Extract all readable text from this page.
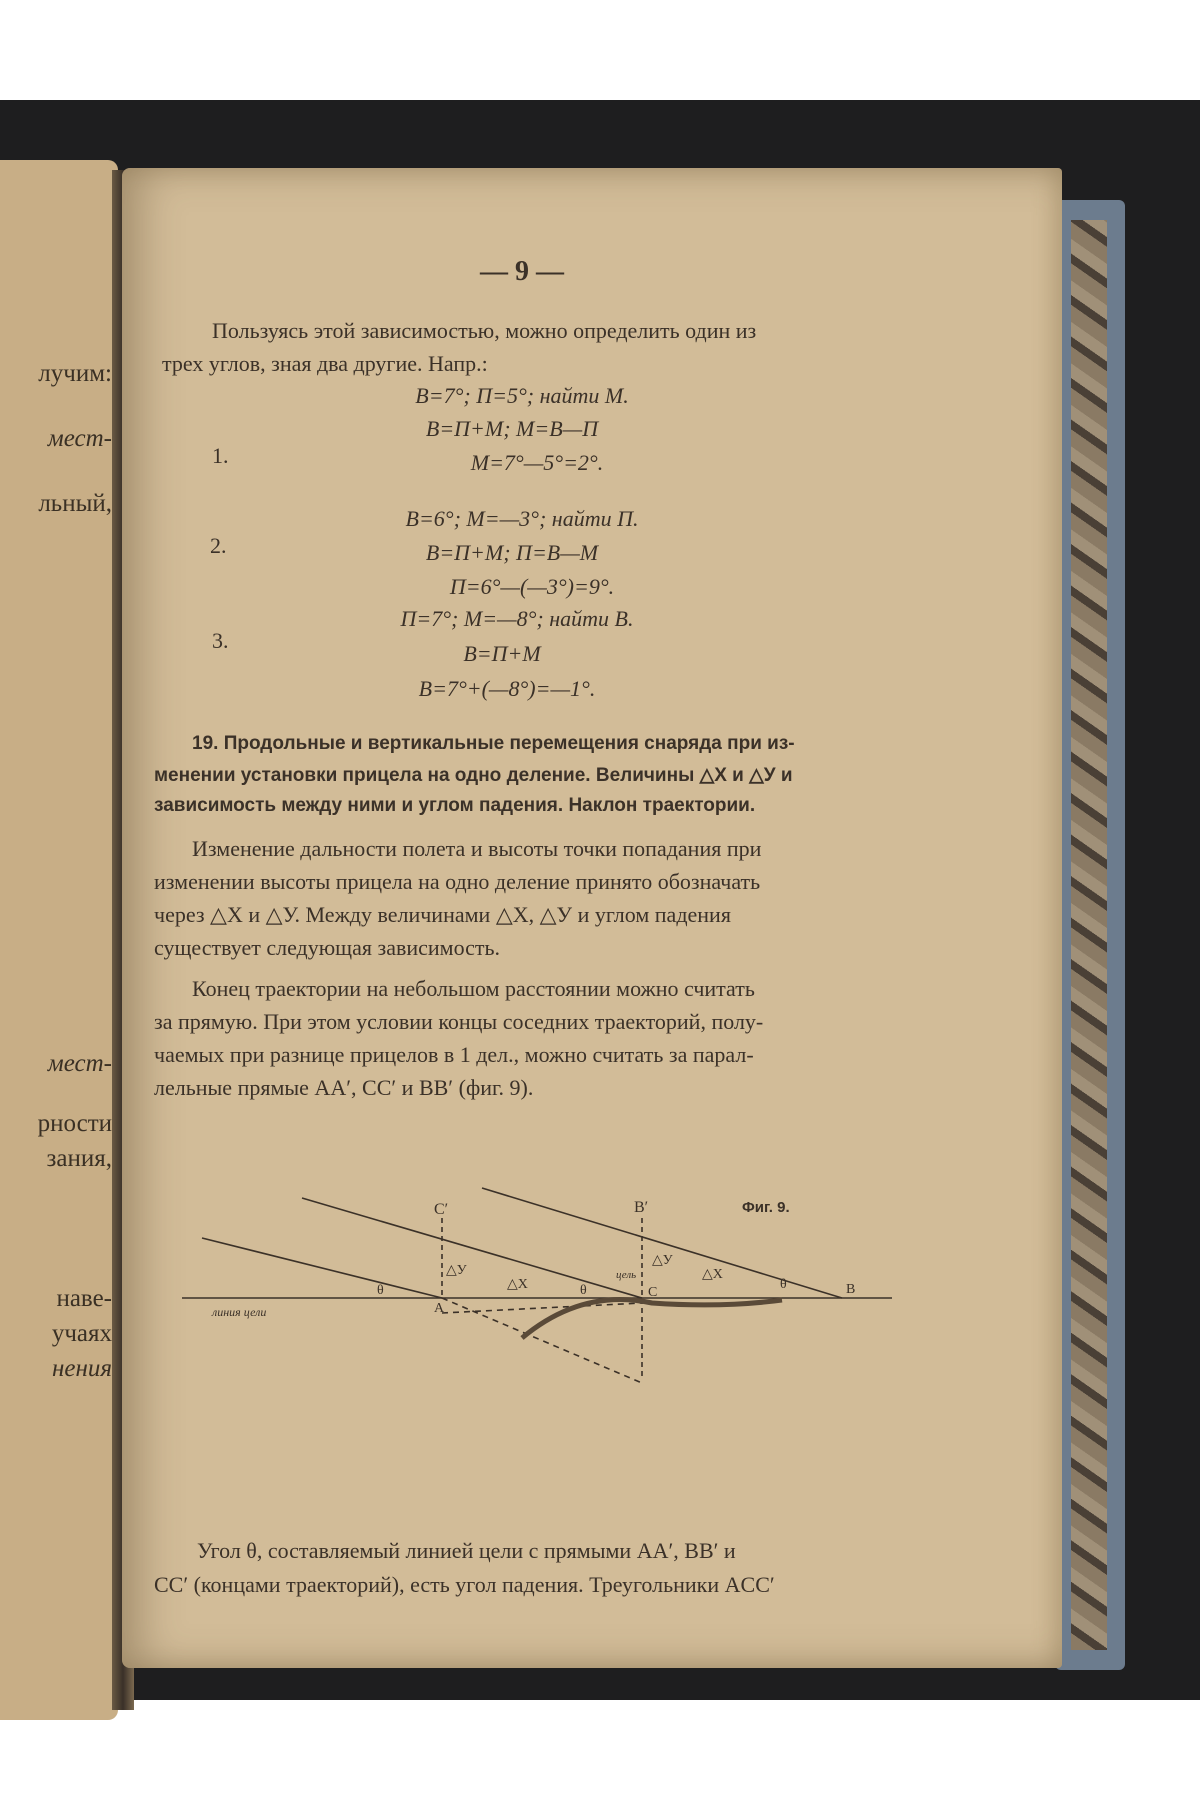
лучим:
мест-
льный,
мест-
рности
зания,
наве-
учаях
нения
— 9 —
Пользуясь этой зависимостью, можно определить один из
трех углов, зная два другие. Напр.:
1.
B=7°; П=5°; найти М.
B=П+М; М=B—П
М=7°—5°=2°.
2.
B=6°; М=—3°; найти П.
B=П+М; П=B—М
П=6°—(—3°)=9°.
3.
П=7°; М=—8°; найти B.
B=П+М
B=7°+(—8°)=—1°.
19. Продольные и вертикальные перемещения снаряда при из-
менении установки прицела на одно деление. Величины △X и △У и
зависимость между ними и углом падения. Наклон траектории.
Изменение дальности полета и высоты точки попадания при
изменении высоты прицела на одно деление принято обозначать
через △X и △У. Между величинами △X, △У и углом падения
существует следующая зависимость.
Конец траектории на небольшом расстоянии можно считать
за прямую. При этом условии концы соседних траекторий, полу-
чаемых при разнице прицелов в 1 дел., можно считать за парал-
лельные прямые AA′, CC′ и BB′ (фиг. 9).
C′	B′	Фиг. 9.
△У
△У
△X
△X
θ	θ	θ
A
C	B
цель
линия цели
Угол θ, составляемый линией цели с прямыми AA′, BB′ и
CC′ (концами траекторий), есть угол падения. Треугольники ACC′
